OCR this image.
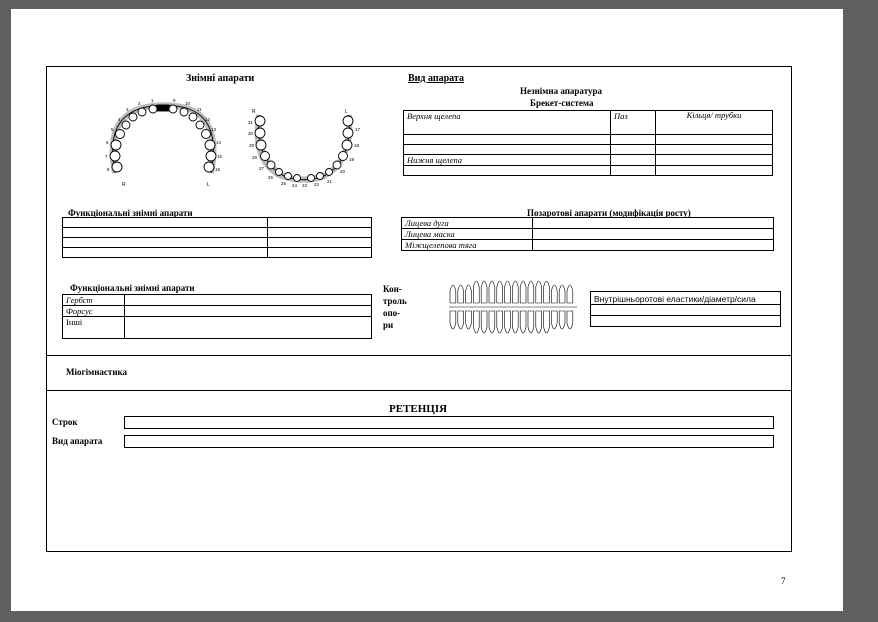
Знімні апарати
8
7
6
5
4
3
2
1	9
10
11
12
13
14
15
16
R	L
31
30
29
28
27
26
25 24 23 22
21
20
19
18
17
R	L
Вид апарата
Незнімна апаратура
Брекет-система
Верхня щелепа	Паз	Кільця/ трубки

Нижня щелепа		

Функціональні знімні апарати

		Позаротові апарати (модифікація росту)
Лицева дуга	
Лицева маска	
Міжщелепова тяга	
Функціональні знімні апарати
Гербст	
Форсус	
Інші	
Кон-
троль
опо-
ри
Внутрішньоротові еластики/діаметр/сила

Міогімнастика
РЕТЕНЦІЯ
Строк
Вид апарата
7
